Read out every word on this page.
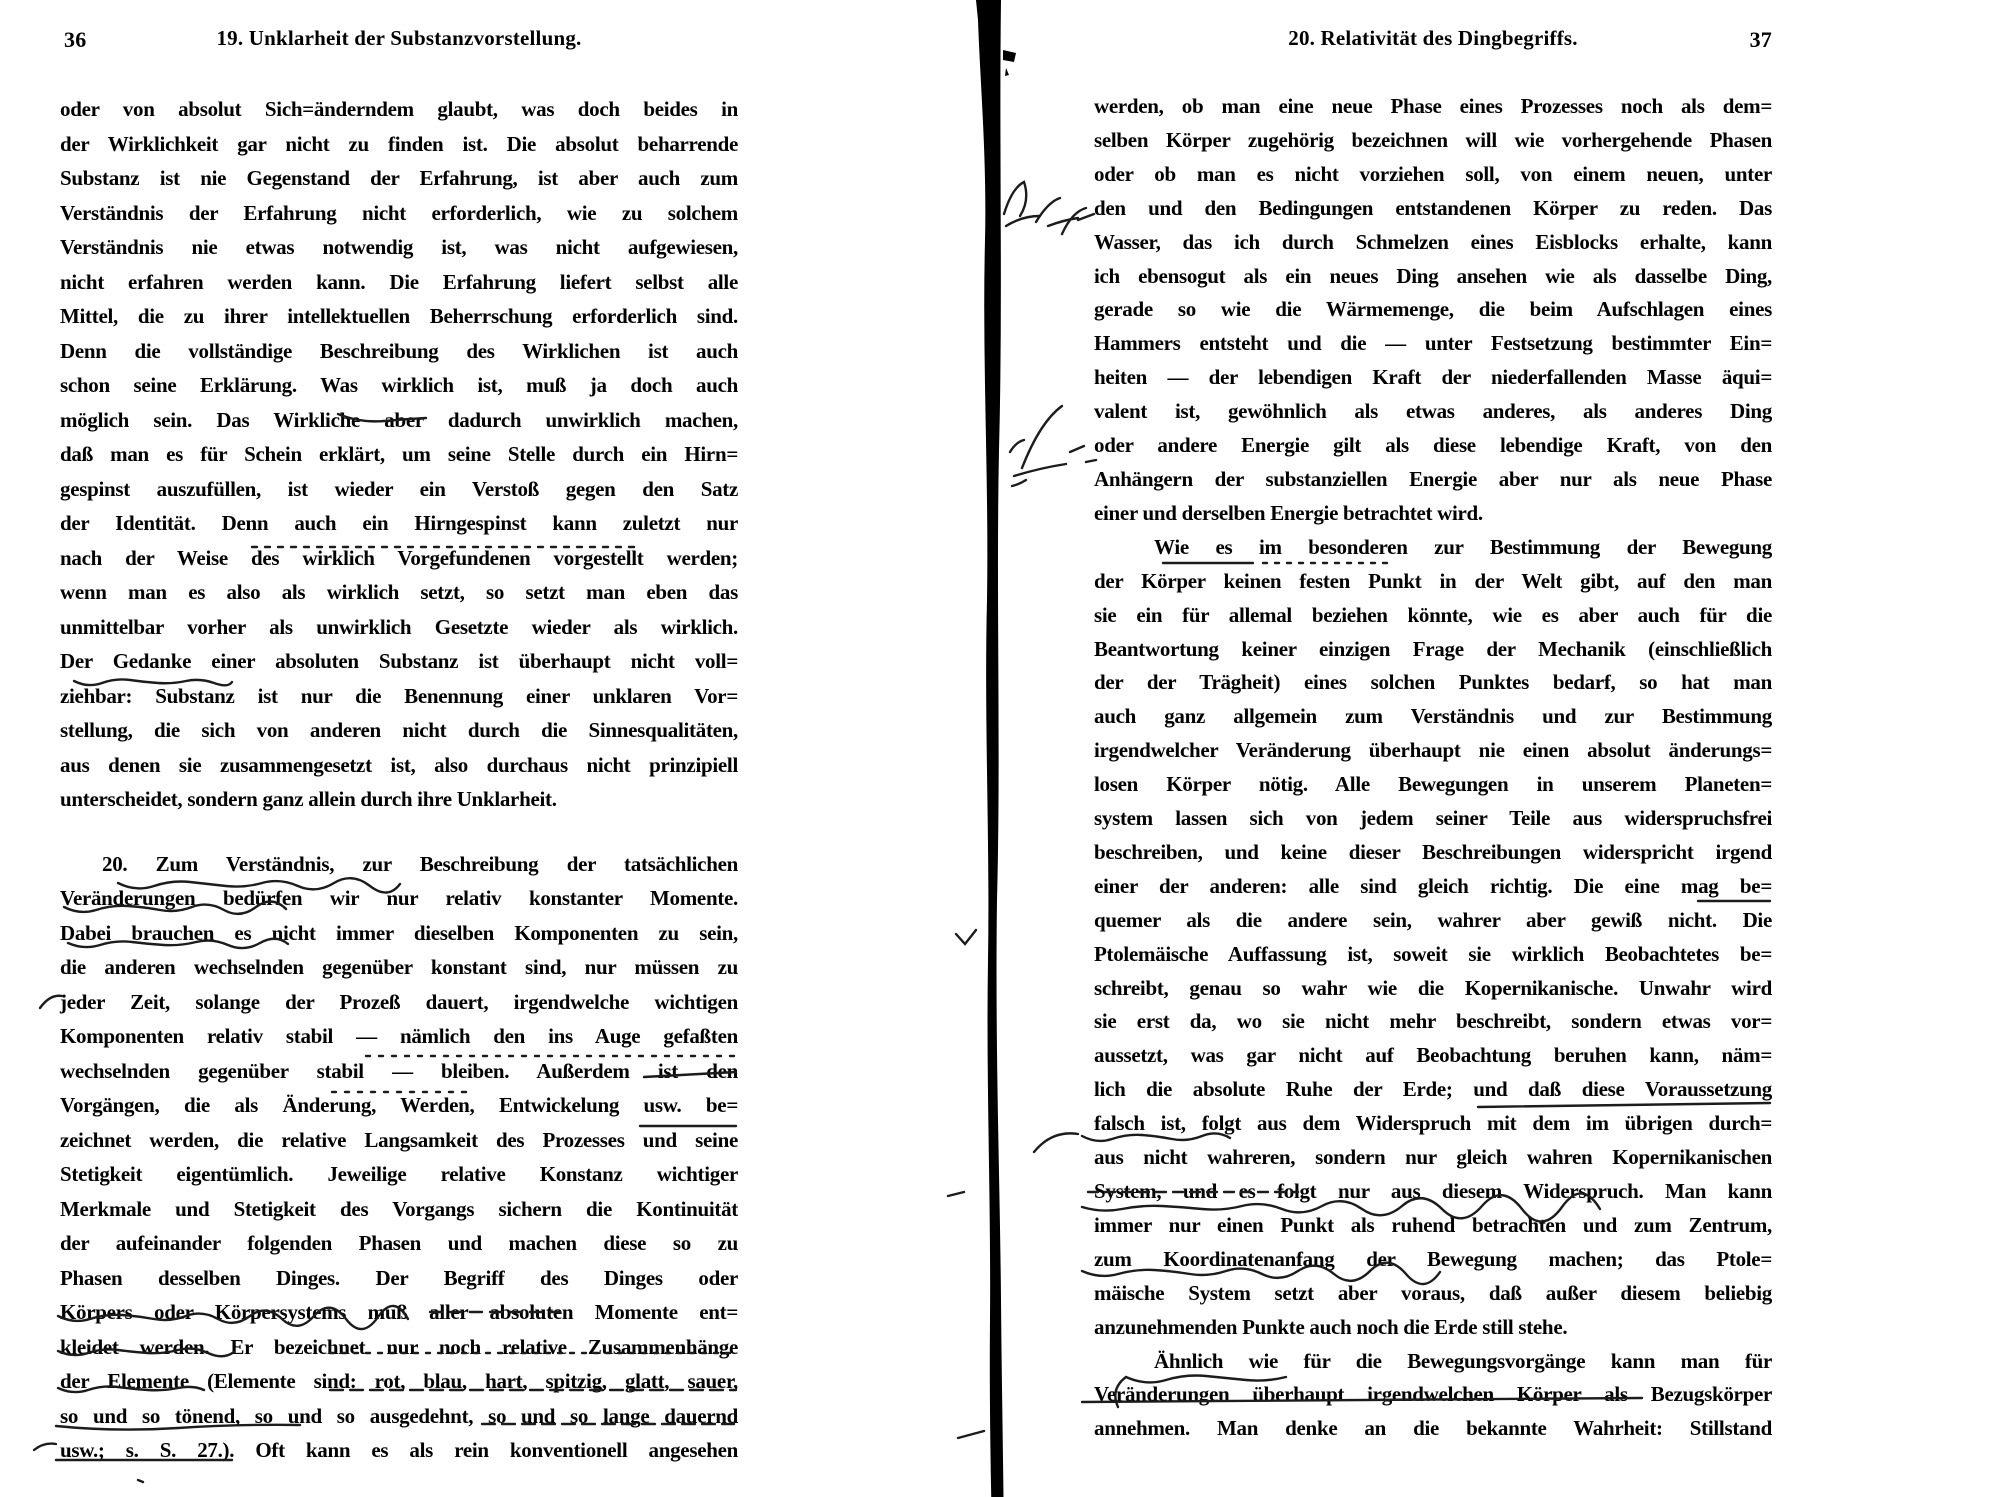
36	19. Unklarheit der Substanzvorstellung.
oder von absolut Sich=änderndem glaubt, was doch beides in
der Wirklichkeit gar nicht zu finden ist. Die absolut beharrende
Substanz ist nie Gegenstand der Erfahrung, ist aber auch zum
Verständnis der Erfahrung nicht erforderlich, wie zu solchem
Verständnis nie etwas notwendig ist, was nicht aufgewiesen,
nicht erfahren werden kann. Die Erfahrung liefert selbst alle
Mittel, die zu ihrer intellektuellen Beherrschung erforderlich sind.
Denn die vollständige Beschreibung des Wirklichen ist auch
schon seine Erklärung. Was wirklich ist, muß ja doch auch
möglich sein. Das Wirkliche aber dadurch unwirklich machen,
daß man es für Schein erklärt, um seine Stelle durch ein Hirn=
gespinst auszufüllen, ist wieder ein Verstoß gegen den Satz
der Identität. Denn auch ein Hirngespinst kann zuletzt nur
nach der Weise des wirklich Vorgefundenen vorgestellt werden;
wenn man es also als wirklich setzt, so setzt man eben das
unmittelbar vorher als unwirklich Gesetzte wieder als wirklich.
Der Gedanke einer absoluten Substanz ist überhaupt nicht voll=
ziehbar: Substanz ist nur die Benennung einer unklaren Vor=
stellung, die sich von anderen nicht durch die Sinnesqualitäten,
aus denen sie zusammengesetzt ist, also durchaus nicht prinzipiell
unterscheidet, sondern ganz allein durch ihre Unklarheit.
20. Zum Verständnis, zur Beschreibung der tatsächlichen
Veränderungen bedürfen wir nur relativ konstanter Momente.
Dabei brauchen es nicht immer dieselben Komponenten zu sein,
die anderen wechselnden gegenüber konstant sind, nur müssen zu
jeder Zeit, solange der Prozeß dauert, irgendwelche wichtigen
Komponenten relativ stabil — nämlich den ins Auge gefaßten
wechselnden gegenüber stabil — bleiben. Außerdem ist den
Vorgängen, die als Änderung, Werden, Entwickelung usw. be=
zeichnet werden, die relative Langsamkeit des Prozesses und seine
Stetigkeit eigentümlich. Jeweilige relative Konstanz wichtiger
Merkmale und Stetigkeit des Vorgangs sichern die Kontinuität
der aufeinander folgenden Phasen und machen diese so zu
Phasen desselben Dinges. Der Begriff des Dinges oder
Körpers oder Körpersystems muß aller absoluten Momente ent=
kleidet werden. Er bezeichnet nur noch relative Zusammenhänge
der Elemente (Elemente sind: rot, blau, hart, spitzig, glatt, sauer,
so und so tönend, so und so ausgedehnt, so und so lange dauernd
usw.; s. S. 27.). Oft kann es als rein konventionell angesehen
20. Relativität des Dingbegriffs.	37
werden, ob man eine neue Phase eines Prozesses noch als dem=
selben Körper zugehörig bezeichnen will wie vorhergehende Phasen
oder ob man es nicht vorziehen soll, von einem neuen, unter
den und den Bedingungen entstandenen Körper zu reden. Das
Wasser, das ich durch Schmelzen eines Eisblocks erhalte, kann
ich ebensogut als ein neues Ding ansehen wie als dasselbe Ding,
gerade so wie die Wärmemenge, die beim Aufschlagen eines
Hammers entsteht und die — unter Festsetzung bestimmter Ein=
heiten — der lebendigen Kraft der niederfallenden Masse äqui=
valent ist, gewöhnlich als etwas anderes, als anderes Ding
oder andere Energie gilt als diese lebendige Kraft, von den
Anhängern der substanziellen Energie aber nur als neue Phase
einer und derselben Energie betrachtet wird.
Wie es im besonderen zur Bestimmung der Bewegung
der Körper keinen festen Punkt in der Welt gibt, auf den man
sie ein für allemal beziehen könnte, wie es aber auch für die
Beantwortung keiner einzigen Frage der Mechanik (einschließlich
der der Trägheit) eines solchen Punktes bedarf, so hat man
auch ganz allgemein zum Verständnis und zur Bestimmung
irgendwelcher Veränderung überhaupt nie einen absolut änderungs=
losen Körper nötig. Alle Bewegungen in unserem Planeten=
system lassen sich von jedem seiner Teile aus widerspruchsfrei
beschreiben, und keine dieser Beschreibungen widerspricht irgend
einer der anderen: alle sind gleich richtig. Die eine mag be=
quemer als die andere sein, wahrer aber gewiß nicht. Die
Ptolemäische Auffassung ist, soweit sie wirklich Beobachtetes be=
schreibt, genau so wahr wie die Kopernikanische. Unwahr wird
sie erst da, wo sie nicht mehr beschreibt, sondern etwas vor=
aussetzt, was gar nicht auf Beobachtung beruhen kann, näm=
lich die absolute Ruhe der Erde; und daß diese Voraussetzung
falsch ist, folgt aus dem Widerspruch mit dem im übrigen durch=
aus nicht wahreren, sondern nur gleich wahren Kopernikanischen
System, und es folgt nur aus diesem Widerspruch. Man kann
immer nur einen Punkt als ruhend betrachten und zum Zentrum,
zum Koordinatenanfang der Bewegung machen; das Ptole=
mäische System setzt aber voraus, daß außer diesem beliebig
anzunehmenden Punkte auch noch die Erde still stehe.
Ähnlich wie für die Bewegungsvorgänge kann man für
Veränderungen überhaupt irgendwelchen Körper als Bezugskörper
annehmen. Man denke an die bekannte Wahrheit: Stillstand
